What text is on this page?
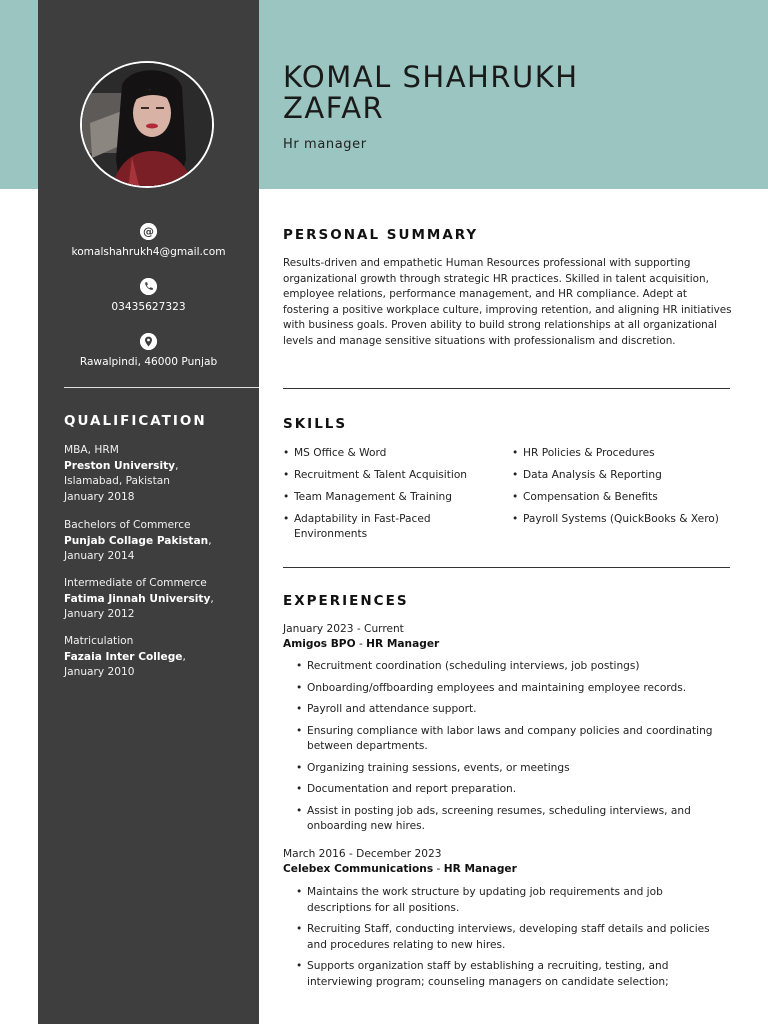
@
komalshahrukh4@gmail.com
03435627323
Rawalpindi, 46000 Punjab
QUALIFICATION
MBA, HRM
Preston University,
Islamabad, Pakistan
January 2018
Bachelors of Commerce
Punjab Collage Pakistan,
January 2014
Intermediate of Commerce
Fatima Jinnah University,
January 2012
Matriculation
Fazaia Inter College,
January 2010
KOMAL SHAHRUKH
ZAFAR
Hr manager
PERSONAL SUMMARY

Results-driven and empathetic Human Resources professional with supporting organizational growth through strategic HR practices. Skilled in talent acquisition, employee relations, performance management, and HR compliance. Adept at fostering a positive workplace culture, improving retention, and aligning HR initiatives with business goals. Proven ability to build strong relationships at all organizational levels and manage sensitive situations with professionalism and discretion.

SKILLS
• MS Office & Word
• Recruitment & Talent Acquisition
• Team Management & Training
• Adaptability in Fast-Paced Environments
• HR Policies & Procedures
• Data Analysis & Reporting
• Compensation & Benefits
• Payroll Systems (QuickBooks & Xero)
EXPERIENCES
January 2023 - Current
Amigos BPO - HR Manager
• Recruitment coordination (scheduling interviews, job postings)
• Onboarding/offboarding employees and maintaining employee records.
• Payroll and attendance support.
• Ensuring compliance with labor laws and company policies and coordinating between departments.
• Organizing training sessions, events, or meetings
• Documentation and report preparation.
• Assist in posting job ads, screening resumes, scheduling interviews, and onboarding new hires.
March 2016 - December 2023
Celebex Communications - HR Manager
• Maintains the work structure by updating job requirements and job descriptions for all positions.
• Recruiting Staff, conducting interviews, developing staff details and policies and procedures relating to new hires.
• Supports organization staff by establishing a recruiting, testing, and interviewing program; counseling managers on candidate selection;
